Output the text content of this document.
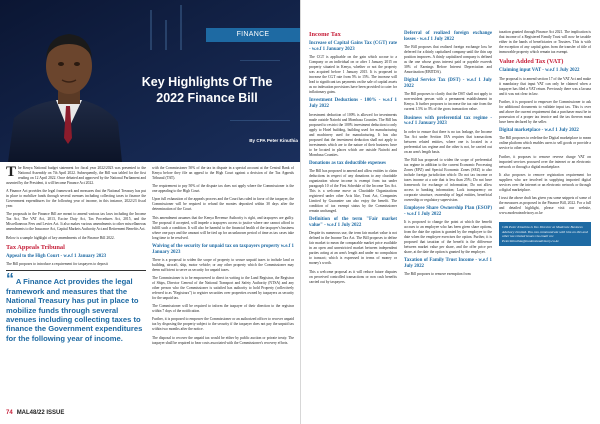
FINANCE
Key Highlights Of The
2022 Finance Bill
By CPA Peter Kinuthia

The Kenya National budget statement for fiscal year 2022/2023 was presented to the National Assembly on 7th April 2022. Subsequently, the Bill was tabled for the first reading on 12 April 2022. Once debated and approved by the National Parliament and assented by the President, it will become Finance Act 2022.

A Finance Act provides the legal framework and measures that the National Treasury has put in place to mobilize funds through several avenues including collecting taxes to finance the Government expenditures for the following year of income, in this instance, 2022/23 fiscal year.

The proposals in the Finance Bill are meant to amend various tax laws including the Income Tax Act, The VAT Act, 2013, Excise Duty Act, Tax Procedures Act, 2015, and the Miscellaneous Fees and Levies Act. It also makes various amendments to other miscellaneous amendments to the Insurance Act, Capital Markets Authority Act and Retirement Benefits Act.

Below is a sample highlight of key amendments of the Finance Bill 2022.

Tax Appeals Tribunal
Appeal to the High Court - w.e.f 1 January 2023

The Bill proposes to introduce a requirement for taxpayers to deposit

“ A Finance Act provides the legal framework and measures that the National Treasury has put in place to mobilize funds through several avenues including collecting taxes to finance the Government expenditures for the following year of income.

with the Commissioner 50% of the tax in dispute in a special account at the Central Bank of Kenya before they file an appeal to the High Court against a decision of the Tax Appeals Tribunal (TAT).

The requirement to pay 50% of the dispute tax does not apply where the Commissioner is the one appealing to the High Court.

Upon full exhaustion of the appeals process and the Court has ruled in favor of the taxpayer, the Commissioner will be required to refund the monies deposited within 30 days after the determination of the Court.

This amendment assumes that the Kenya Revenue Authority is right, and taxpayers are guilty. The proposal if accepted, will impede a taxpayers access to justice where one cannot afford to fulfill such a condition. It will also be harmful to the financial health of the taxpayer's business where one pays and the amount will be tied up for an unknown period of time as tax cases take long time to be resolved.

Waiving of the security for unpaid tax on taxpayers property w.e.f 1 January 2023

There is a proposal to widen the scope of property to secure unpaid taxes to include land or building, aircraft, ship, motor vehicle; or any other property which the Commissioner may deem sufficient to serve as security for unpaid taxes.

The Commissioner is to be empowered to direct in writing to the Land Registrar, the Registrar of Ships, Director General of the National Transport and Safety Authority (NTSA) and any other person who the Commissioner is satisfied has authority to hold Property (collectively referred to as "Registrars") to register securities over properties owned by taxpayers as security for the unpaid tax.

The Commissioner will be required to inform the taxpayer of their direction to the registrar within 7 days of the notification.

Further, it is proposed to empower the Commissioner or an authorized officer to recover unpaid tax by disposing the property subject to the security if the taxpayer does not pay the unpaid tax within two months after the notice.

The disposal to recover the unpaid tax would be either by public auction or private treaty. The taxpayer shall be required to bear costs associated with the Commissioner's recovery efforts.

74 MAL48/22 ISSUE
Income Tax
Increase of Capital Gains Tax (CGT) rate - w.e.f 1 January 2023

The CGT is applicable on the gain which accrue to a Company or an individual on or after 1 January 2015 on property situated in Kenya, whether or not the property was acquired before 1 January 2015. It is proposed to increase the CGT rate from 5% to 15%. The increase will lead to significant tax payments on the sale of capital assets as no indexation provisions have been provided to cater for inflationary gains.

Investment Deductions - 100% - w.e.f 1 July 2022

Investment deduction of 100% is allowed for investments made outside Nairobi and Mombasa Counties. The Bill has proposed to restrict the 100% investment deduction to only apply to Hotel building, building used for manufacturing and machinery used for manufacturing. It has also proposed that the investment deduction shall not apply to investments which are to the nature of their business have to be located in places which are outside Nairobi and Mombasa Counties.

Donations as tax deductible expenses

The Bill has proposed to amend and allow entities to claim deductions in respect of any donations to any charitable organization whose income is exempt from tax under paragraph 10 of the First Schedule of the Income Tax Act. This is a welcome move as Charitable Organizations registered under other Acts like, Trust Act, Companies Limited by Guarantee can also enjoy the benefit. The condition of tax exempt status by the Commissioner remain unchanged.

Definition of the term "Fair market value" - w.e.f 1 July 2022

Despite its numerous use, the term fair market value is not defined in the Income Tax Act. The Bill proposes to define fair market to mean the comparable market price available in an open and unrestricted market between independent parties acting at an arm's length and under no compulsion to transact; which is expressed in terms of money or money's worth.

This a welcome proposal as it will reduce future disputes on perceived controlled transactions or non cash benefits carried out by taxpayers.

Deferral of realized foreign exchange losses - w.e.f 1 July 2022

The Bill proposes that realized foreign exchange loss be deferred for a thinly capitalized company until the thin cap position improves. A thinly capitalized company is defined as the one whose gross interest paid or payable exceeds 30% of Earnings Before Interest Depreciation and Amortization (EBITDA).

Digital Service Tax (DST) - w.e.f 1 July 2022

The Bill proposes to clarify that the DST shall not apply to non-resident person with a permanent establishment in Kenya. It further proposes to increase the tax rate from the current 1.5% to 3% of the gross transaction value.

Business with preferential tax regime - w.e.f 1 January 2023

In order to ensure that there is no tax leakage, the Income Tax Act under Section 18A requires that transactions between related entities, where one is located in a preferential tax regime and the other is not, be carried out on an arm's length basis.

The Bill has proposed to widen the scope of preferential tax regime in addition to the current Economic Processing Zones (EPZ) and Special Economic Zones (SEZ) to also include foreign jurisdiction which: Do not tax income or taxes income at a rate that is less than 25%; Do not have framework for exchange of information; Do not allow access to banking information; Lack transparency on corporate structure, ownership of legal entities, beneficial ownership or regulatory supervision.

Employee Share Ownership Plan (ESOP) - w.e.f 1 July 2022

It is proposed to change the point at which the benefit accrues to an employee who has been given share options, from the date the option is granted by the employee to the date when the employee exercises the option. Further, it is proposed that taxation of the benefit is the difference between market value per share, and the offer price per share, at the date the option is granted by the employer.

Taxation of Family Trust Income - w.e.f 1 July 2022

The Bill proposes to remove exemption from

taxation granted through Finance Act 2021. The implication is that income of a Registered Family Trust will now be taxable either in the hands of beneficiaries or Trustees. This is with the exception of any capital gains from the transfer of title of immovable property which remain tax exempt.

Value Added Tax (VAT)
Claiming input VAT - w.e.f 1 July 2022

The proposal is to amend section 17 of the VAT Act and make it mandatory that input VAT can only be claimed when a taxpayer has filed a VAT return. Previously there was a lacuna and it was not clear in law.

Further, it is proposed to empower the Commissioner to ask for additional documents to validate input tax. This is over and above the current requirement that a purchaser must be in possession of a proper tax invoice and the tax thereon must have been declared by the seller.

Digital marketplace - w.e.f 1 July 2022

The Bill proposes to redefine the Digital marketplace to mean online platform which enables users to sell goods or provide a service to other users.

Further, it proposes to remove reverse charge VAT on imported services procured over the internet or an electronic network or through a digital marketplace.

It also proposes to remove registration requirement for suppliers who are involved in supplying imported digital services over the internet or an electronic network or through a digital marketplace.

I trust the above draft has given you some snippets of some of the measures as proposed in the Finance Bill, 2022. For a full and detailed highlight, please visit our website, www.moderateadvisory.co.ke

CPA Peter Kinuthia is Tax Director at Moderate Business Advisory Limited. You can communicate with him on this and other tax related issues via email on: Peter.Kinuthia@moderateadvisory.co.ke
